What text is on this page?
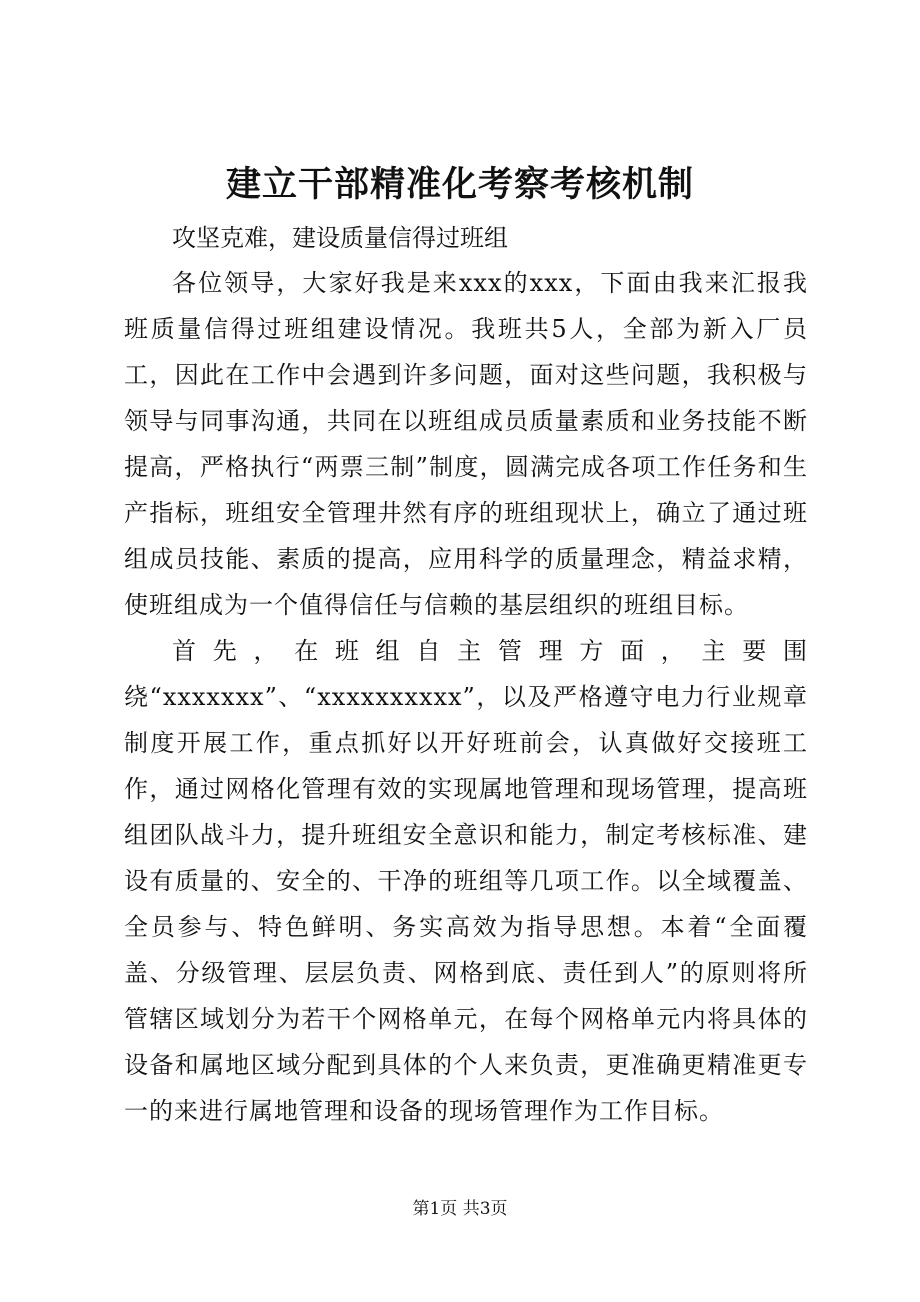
建立干部精准化考察考核机制

攻坚克难，建设质量信得过班组

各位领导，大家好我是来xxx的xxx，下面由我来汇报我班质量信得过班组建设情况。我班共5人，全部为新入厂员工，因此在工作中会遇到许多问题，面对这些问题，我积极与领导与同事沟通，共同在以班组成员质量素质和业务技能不断提高，严格执行“两票三制”制度，圆满完成各项工作任务和生产指标，班组安全管理井然有序的班组现状上，确立了通过班组成员技能、素质的提高，应用科学的质量理念，精益求精，使班组成为一个值得信任与信赖的基层组织的班组目标。

首先，在班组自主管理方面，主要围绕“xxxxxxx”、“xxxxxxxxxx”，以及严格遵守电力行业规章制度开展工作，重点抓好以开好班前会，认真做好交接班工作，通过网格化管理有效的实现属地管理和现场管理，提高班组团队战斗力，提升班组安全意识和能力，制定考核标准、建设有质量的、安全的、干净的班组等几项工作。以全域覆盖、全员参与、特色鲜明、务实高效为指导思想。本着“全面覆盖、分级管理、层层负责、网格到底、责任到人”的原则将所管辖区域划分为若干个网格单元，在每个网格单元内将具体的设备和属地区域分配到具体的个人来负责，更准确更精准更专一的来进行属地管理和设备的现场管理作为工作目标。

第1页 共3页
